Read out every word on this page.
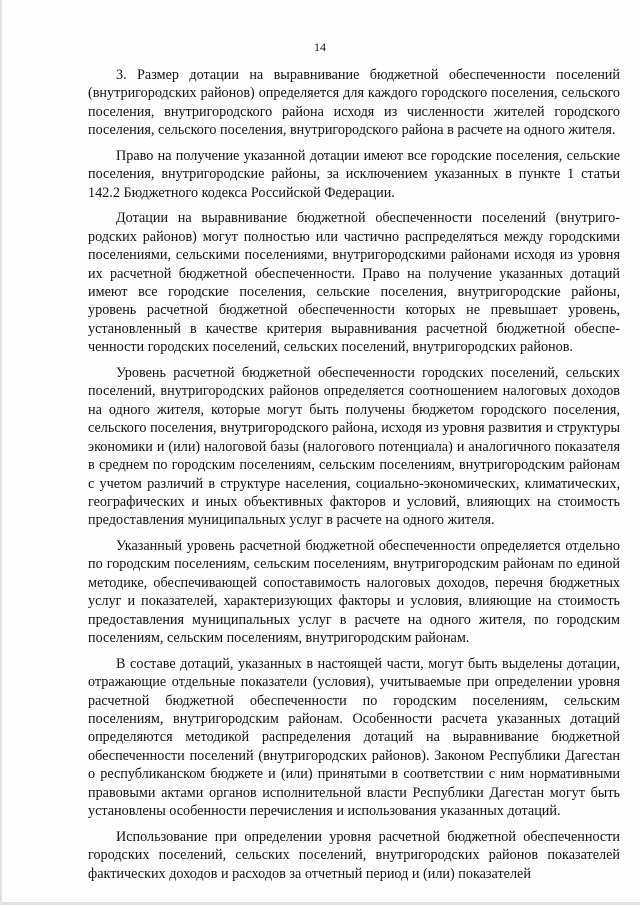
14

3. Размер дотации на выравнивание бюджетной обеспеченности поселений (внутригородских районов) определяется для каждого городского поселения, сельского поселения, внутригородского района исходя из численности жителей городского поселения, сельского поселения, внутригородского района в расчете на одного жителя.

Право на получение указанной дотации имеют все городские поселения, сельские поселения, внутригородские районы, за исключением указанных в пункте 1 статьи 142.2 Бюджетного кодекса Российской Федерации.

Дотации на выравнивание бюджетной обеспеченности поселений (внутригородских районов) могут полностью или частично распределяться между городскими поселениями, сельскими поселениями, внутригородскими районами исходя из уровня их расчетной бюджетной обеспеченности. Право на получение указанных дотаций имеют все городские поселения, сельские поселения, внутригородские районы, уровень расчетной бюджетной обеспеченности которых не превышает уровень, установленный в качестве критерия выравнивания расчетной бюджетной обеспеченности городских поселений, сельских поселений, внутригородских районов.

Уровень расчетной бюджетной обеспеченности городских поселений, сельских поселений, внутригородских районов определяется соотношением налоговых доходов на одного жителя, которые могут быть получены бюджетом городского поселения, сельского поселения, внутригородского района, исходя из уровня развития и структуры экономики и (или) налоговой базы (налогового потенциала) и аналогичного показателя в среднем по городским поселениям, сельским поселениям, внутригородским районам с учетом различий в структуре населения, социально-экономических, климатических, географических и иных объективных факторов и условий, влияющих на стоимость предоставления муниципальных услуг в расчете на одного жителя.

Указанный уровень расчетной бюджетной обеспеченности определяется отдельно по городским поселениям, сельским поселениям, внутригородским районам по единой методике, обеспечивающей сопоставимость налоговых доходов, перечня бюджетных услуг и показателей, характеризующих факторы и условия, влияющие на стоимость предоставления муниципальных услуг в расчете на одного жителя, по городским поселениям, сельским поселениям, внутригородским районам.

В составе дотаций, указанных в настоящей части, могут быть выделены дотации, отражающие отдельные показатели (условия), учитываемые при определении уровня расчетной бюджетной обеспеченности по городским поселениям, сельским поселениям, внутригородским районам. Особенности расчета указанных дотаций определяются методикой распределения дотаций на выравнивание бюджетной обеспеченности поселений (внутригородских районов). Законом Республики Дагестан о республиканском бюджете и (или) принятыми в соответствии с ним нормативными правовыми актами органов исполнительной власти Республики Дагестан могут быть установлены особенности перечисления и использования указанных дотаций.

Использование при определении уровня расчетной бюджетной обеспеченности городских поселений, сельских поселений, внутригородских районов показателей фактических доходов и расходов за отчетный период и (или) показателей
